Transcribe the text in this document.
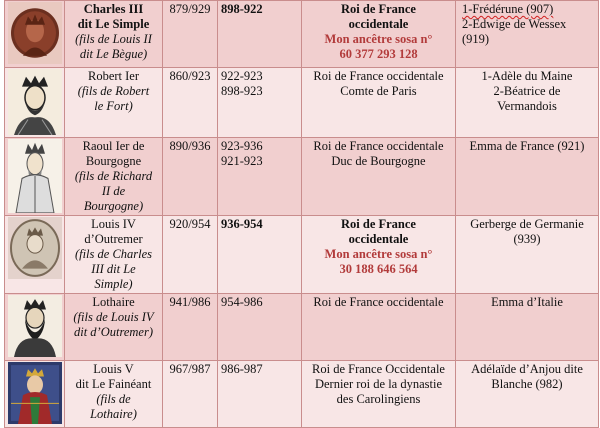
Charles III
dit Le Simple
(fils de Louis II
dit Le Bègue)	879/929	898-922	Roi de France
occidentale
Mon ancêtre sosa n°
60 377 293 128	1-Frédérune (907)
2-Edwige de Wessex
(919)

Robert Ier
(fils de Robert
le Fort)	860/923	922-923
898-923	Roi de France occidentale
Comte de Paris	1-Adèle du Maine
2-Béatrice de
Vermandois

Raoul Ier de
Bourgogne
(fils de Richard
II de
Bourgogne)	890/936	923-936
921-923	Roi de France occidentale
Duc de Bourgogne	Emma de France (921)

Louis IV
d’Outremer
(fils de Charles
III dit Le
Simple)	920/954	936-954	Roi de France
occidentale
Mon ancêtre sosa n°
30 188 646 564	Gerberge de Germanie
(939)

Lothaire
(fils de Louis IV
dit d’Outremer)	941/986	954-986	Roi de France occidentale	Emma d’Italie

Louis V
dit Le Fainéant
(fils de
Lothaire)	967/987	986-987	Roi de France Occidentale
Dernier roi de la dynastie
des Carolingiens	Adélaïde d’Anjou dite
Blanche (982)
